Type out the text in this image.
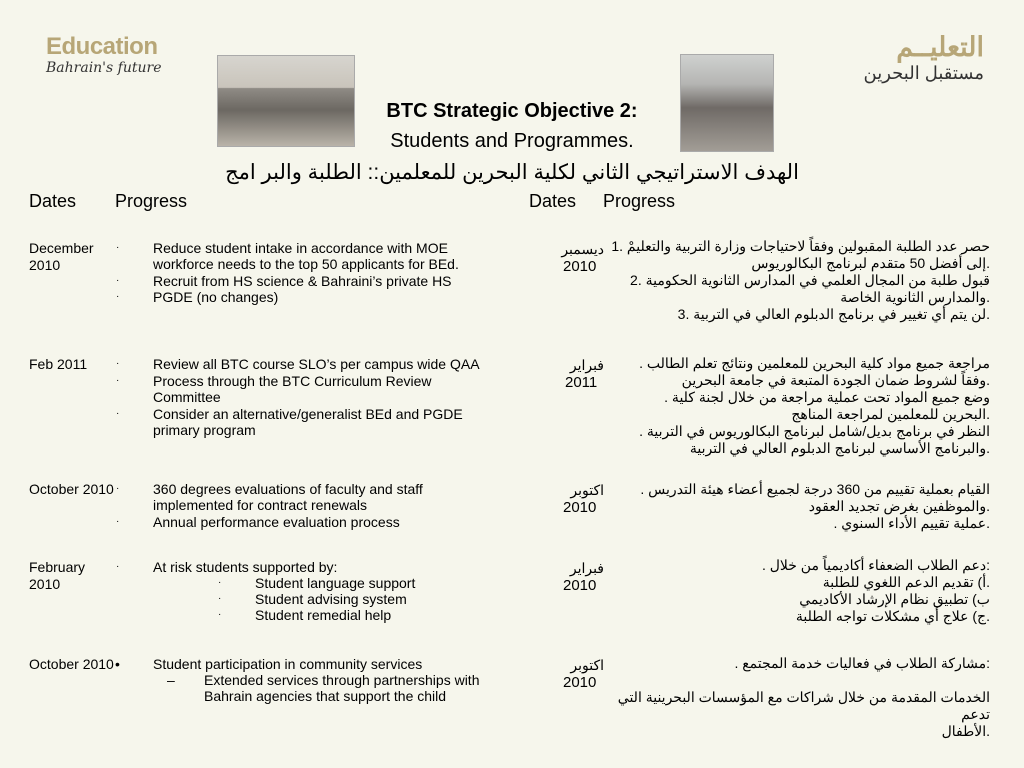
Education
Bahrain's future
التعليــم
مستقبل البحرين
BTC Strategic Objective 2:
Students and Programmes.
الهدف الاستراتيجي الثاني لكلية البحرين للمعلمين:: الطلبة والبر امج
Dates Progress	Dates Progress
December 2010
· Reduce student intake in accordance with MOE workforce needs to the top 50 applicants for BEd.
· Recruit from HS science & Bahraini’s private HS
· PGDE (no changes)
Feb 2011	· Review all BTC course SLO’s per campus wide QAA
· Process through the BTC Curriculum Review Committee
· Consider an alternative/generalist BEd and PGDE primary program
October 2010 · 360 degrees evaluations of faculty and staff implemented for contract renewals
· Annual performance evaluation process
February 2010
· At risk students supported by:
· Student language support
· Student advising system
· Student remedial help
October 2010 • Student participation in community services
– Extended services through partnerships with Bahrain agencies that support the child
ديسمبر
2010
فبراير
2011
اكتوبر
2010
فبراير
2010
اكتوبر
2010
حصر عدد الطلبة المقبولين وفقاً لاحتياجات وزارة التربية والتعليمْ .1
.إلى أفضل 50 متقدم لبرنامج البكالوريوس
قبول طلبة من المجال العلمي في المدارس الثانوية الحكومية .2
.والمدارس الثانوية الخاصة
.لن يتم أي تغيير في برنامج الدبلوم العالي في التربية .3
مراجعة جميع مواد كلية البحرين للمعلمين ونتائج تعلم الطالب .
.وفقاً لشروط ضمان الجودة المتبعة في جامعة البحرين
وضع جميع المواد تحت عملية مراجعة من خلال لجنة كلية .
.البحرين للمعلمين لمراجعة المناهج
النظر في برنامج بديل/شامل لبرنامج البكالوريوس في التربية .
.والبرنامج الأساسي لبرنامج الدبلوم العالي في التربية
القيام بعملية تقييم من 360 درجة لجميع أعضاء هيئة التدريس .
.والموظفين بغرض تجديد العقود
.عملية تقييم الأداء السنوي .
:دعم الطلاب الضعفاء أكاديمياً من خلال .
.أ) تقديم الدعم اللغوي للطلبة
ب) تطبيق نظام الإرشاد الأكاديمي
.ج) علاج أي مشكلات تواجه الطلبة
:مشاركة الطلاب في فعاليات خدمة المجتمع .
الخدمات المقدمة من خلال شراكات مع المؤسسات البحرينية التي تدعم
.الأطفال
